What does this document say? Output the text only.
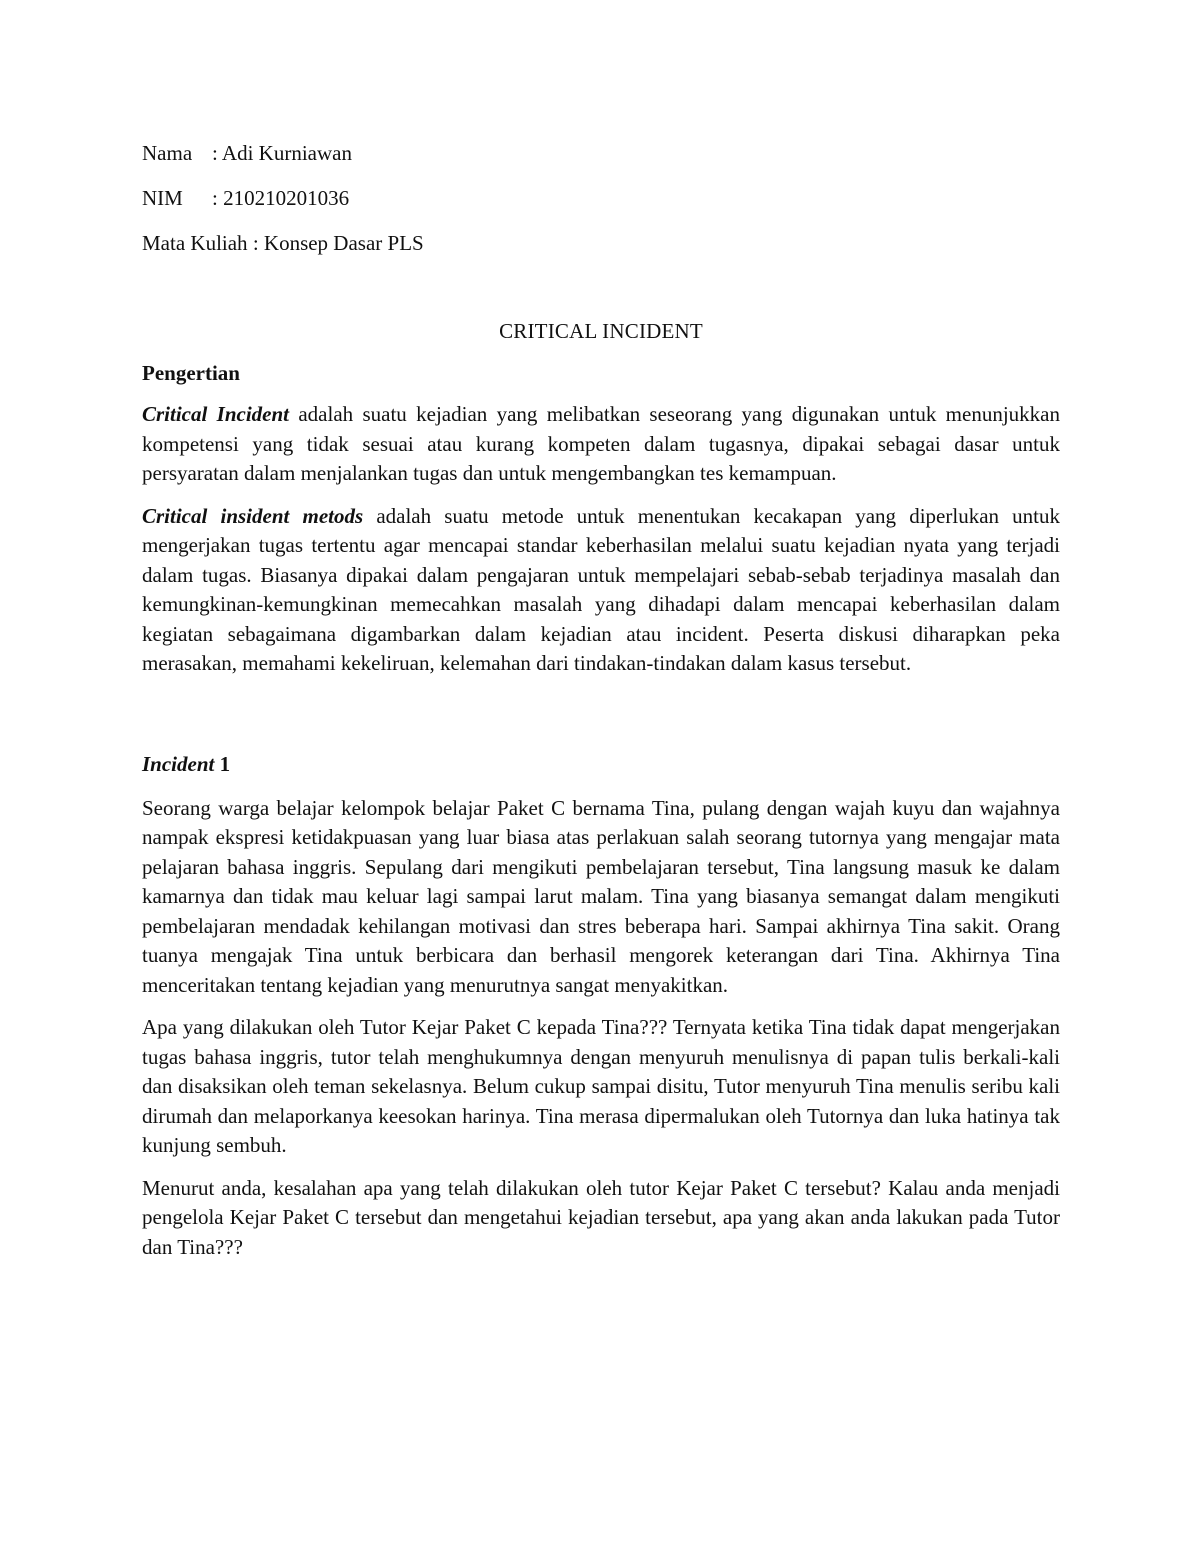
Nama : Adi Kurniawan
NIM : 210210201036
Mata Kuliah : Konsep Dasar PLS
CRITICAL INCIDENT
Pengertian

Critical Incident adalah suatu kejadian yang melibatkan seseorang yang digunakan untuk menunjukkan kompetensi yang tidak sesuai atau kurang kompeten dalam tugasnya, dipakai sebagai dasar untuk persyaratan dalam menjalankan tugas dan untuk mengembangkan tes kemampuan.

Critical insident metods adalah suatu metode untuk menentukan kecakapan yang diperlukan untuk mengerjakan tugas tertentu agar mencapai standar keberhasilan melalui suatu kejadian nyata yang terjadi dalam tugas. Biasanya dipakai dalam pengajaran untuk mempelajari sebab-sebab terjadinya masalah dan kemungkinan-kemungkinan memecahkan masalah yang dihadapi dalam mencapai keberhasilan dalam kegiatan sebagaimana digambarkan dalam kejadian atau incident. Peserta diskusi diharapkan peka merasakan, memahami kekeliruan, kelemahan dari tindakan-tindakan dalam kasus tersebut.

Incident 1

Seorang warga belajar kelompok belajar Paket C bernama Tina, pulang dengan wajah kuyu dan wajahnya nampak ekspresi ketidakpuasan yang luar biasa atas perlakuan salah seorang tutornya yang mengajar mata pelajaran bahasa inggris. Sepulang dari mengikuti pembelajaran tersebut, Tina langsung masuk ke dalam kamarnya dan tidak mau keluar lagi sampai larut malam. Tina yang biasanya semangat dalam mengikuti pembelajaran mendadak kehilangan motivasi dan stres beberapa hari. Sampai akhirnya Tina sakit. Orang tuanya mengajak Tina untuk berbicara dan berhasil mengorek keterangan dari Tina. Akhirnya Tina menceritakan tentang kejadian yang menurutnya sangat menyakitkan.

Apa yang dilakukan oleh Tutor Kejar Paket C kepada Tina??? Ternyata ketika Tina tidak dapat mengerjakan tugas bahasa inggris, tutor telah menghukumnya dengan menyuruh menulisnya di papan tulis berkali-kali dan disaksikan oleh teman sekelasnya. Belum cukup sampai disitu, Tutor menyuruh Tina menulis seribu kali dirumah dan melaporkanya keesokan harinya. Tina merasa dipermalukan oleh Tutornya dan luka hatinya tak kunjung sembuh.

Menurut anda, kesalahan apa yang telah dilakukan oleh tutor Kejar Paket C tersebut? Kalau anda menjadi pengelola Kejar Paket C tersebut dan mengetahui kejadian tersebut, apa yang akan anda lakukan pada Tutor dan Tina???
